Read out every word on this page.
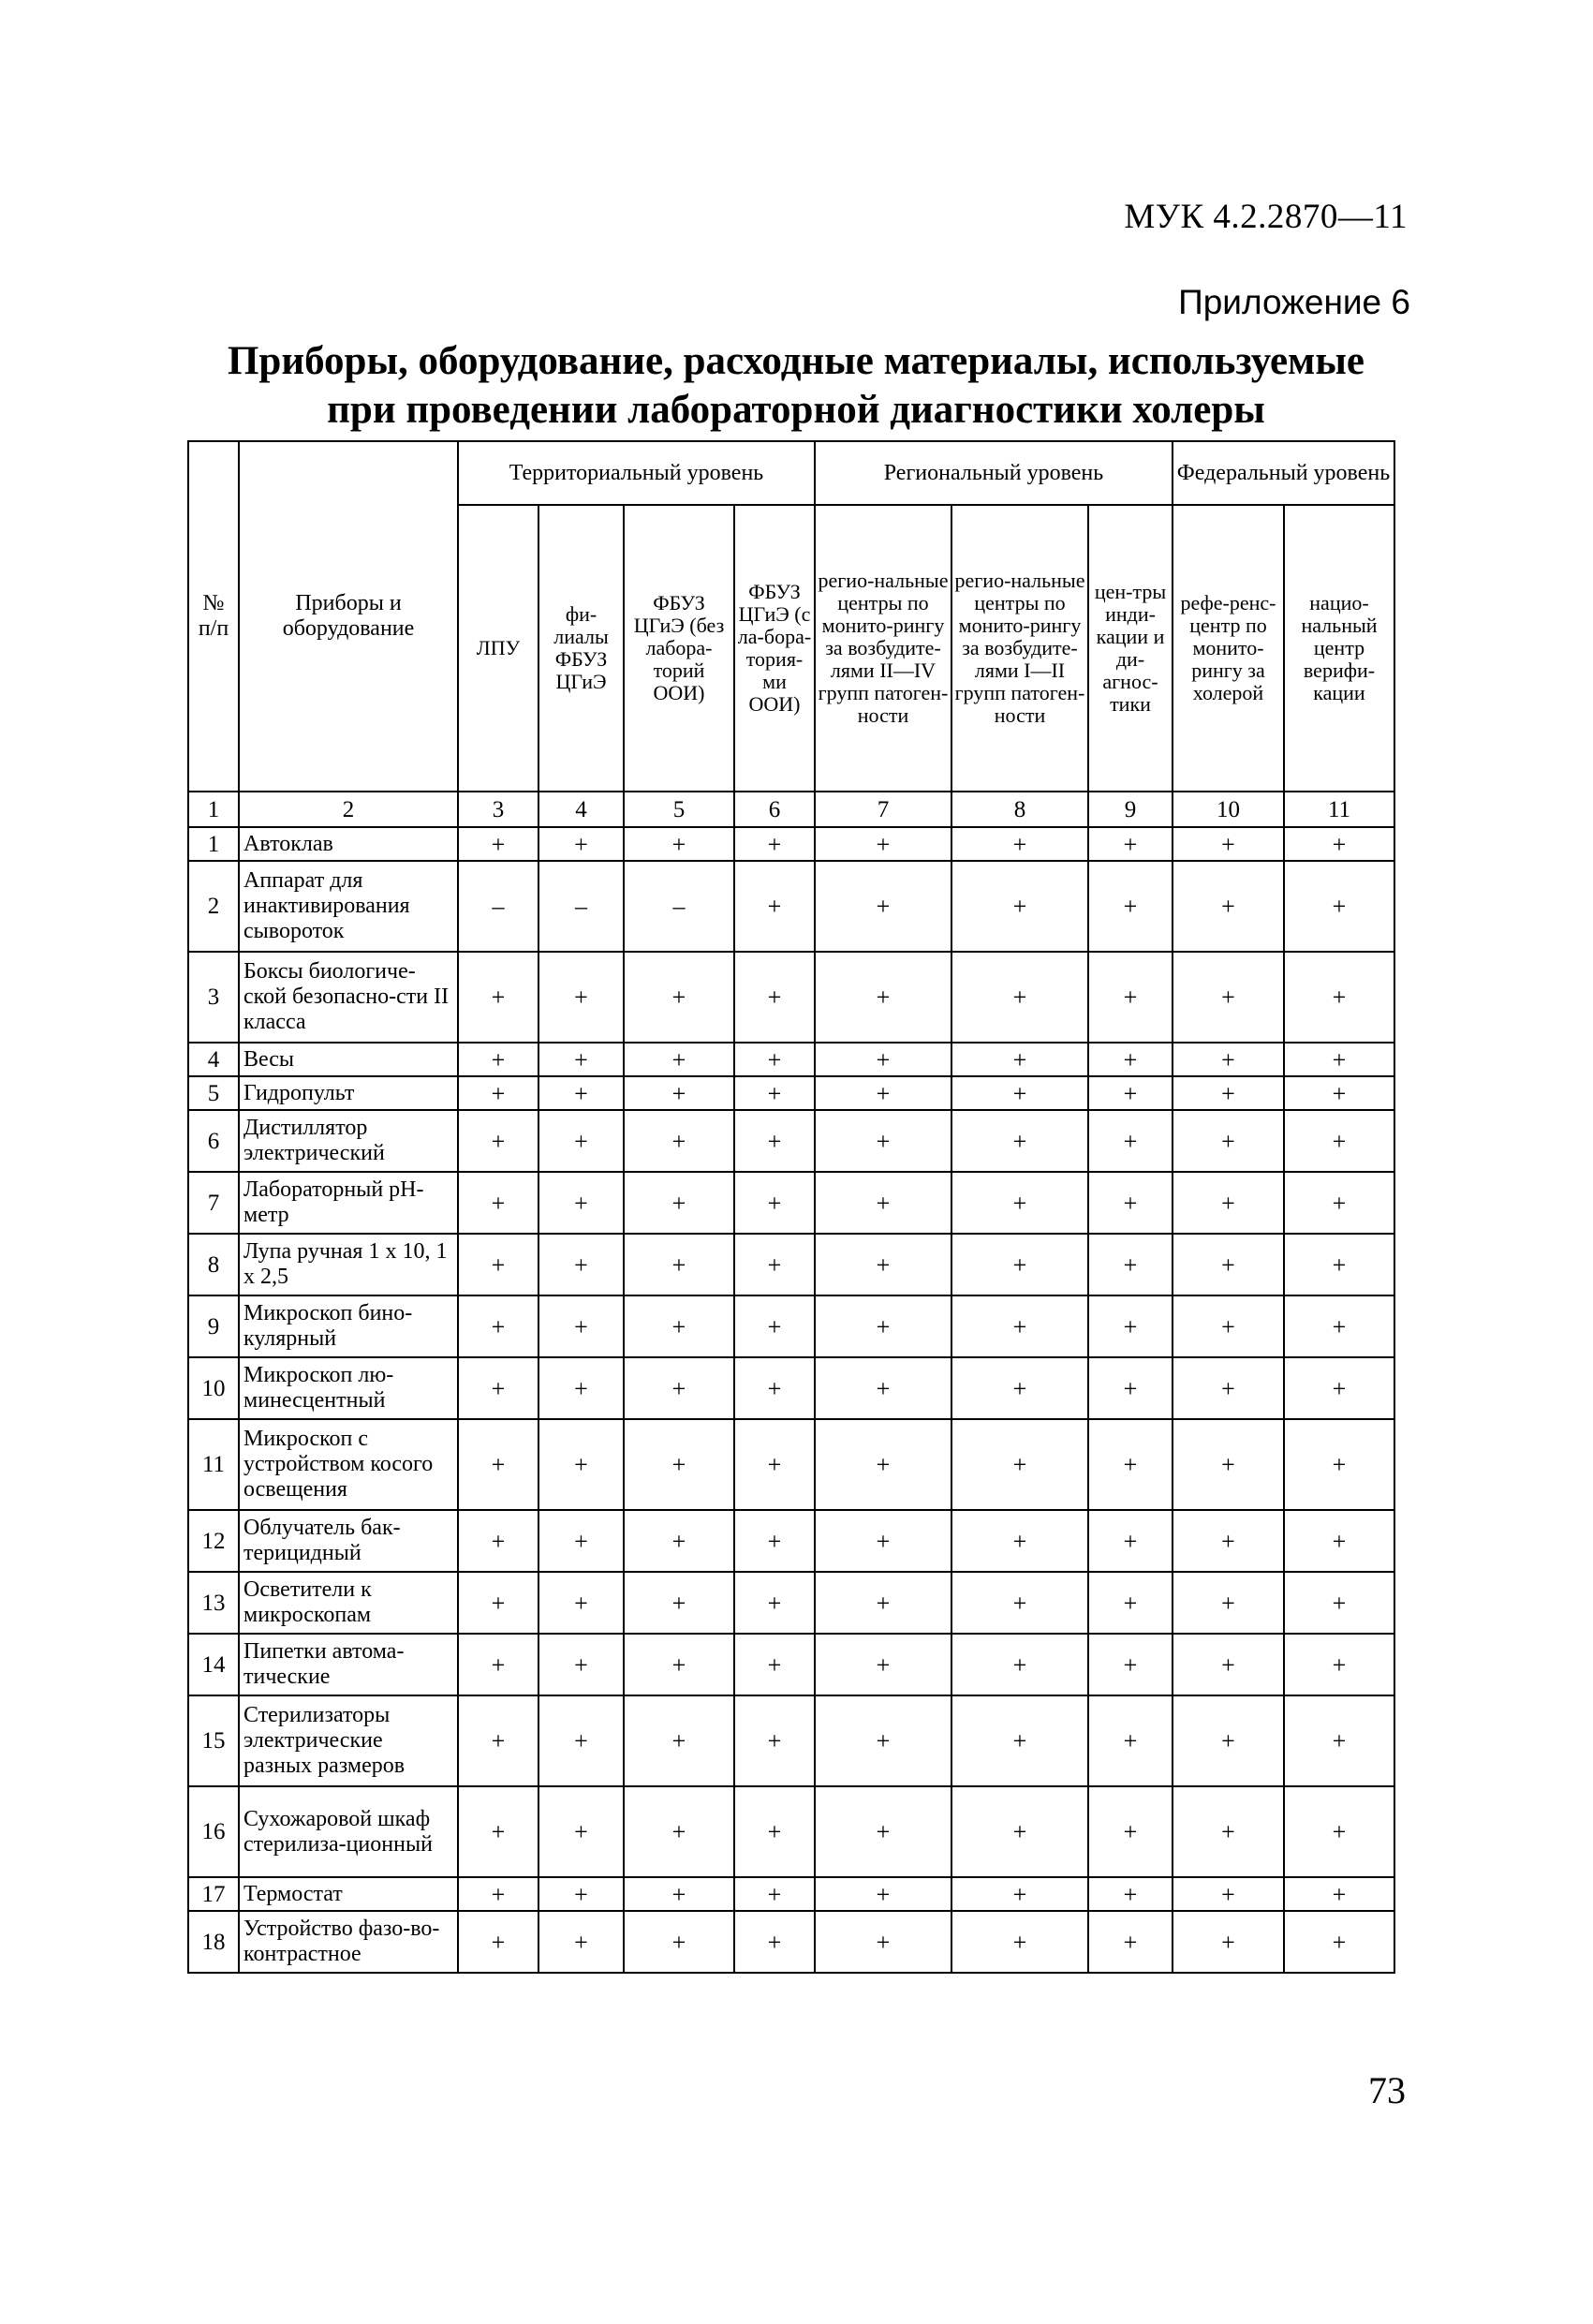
МУК 4.2.2870—11
Приложение 6
Приборы, оборудование, расходные материалы, используемые
при проведении лабораторной диагностики холеры
№ п/п	Приборы и оборудование	Территориальный уровень				Региональный уровень			Федеральный уровень	
		ЛПУ	фи-лиалы ФБУЗ ЦГиЭ	ФБУЗ ЦГиЭ (без лабора-торий ООИ)	ФБУЗ ЦГиЭ (с ла-бора-тория-ми ООИ)	регио-нальные центры по монито-рингу за возбудите-лями II—IV групп патоген-ности	регио-нальные центры по монито-рингу за возбудите-лями I—II групп патоген-ности	цен-тры инди-кации и ди-агнос-тики	рефе-ренс-центр по монито-рингу за холерой	нацио-нальный центр верифи-кации
1	2	3	4	5	6	7	8	9	10	11
1	Автоклав	+	+	+	+	+	+	+	+	+
2	Аппарат для инактивирования сывороток	–	–	–	+	+	+	+	+	+
3	Боксы биологиче-ской безопасно-сти II класса	+	+	+	+	+	+	+	+	+
4	Весы	+	+	+	+	+	+	+	+	+
5	Гидропульт	+	+	+	+	+	+	+	+	+
6	Дистиллятор электрический	+	+	+	+	+	+	+	+	+
7	Лабораторный рН-метр	+	+	+	+	+	+	+	+	+
8	Лупа ручная 1 х 10, 1 х 2,5	+	+	+	+	+	+	+	+	+
9	Микроскоп бино-кулярный	+	+	+	+	+	+	+	+	+
10	Микроскоп лю-минесцентный	+	+	+	+	+	+	+	+	+
11	Микроскоп с устройством косого освещения	+	+	+	+	+	+	+	+	+
12	Облучатель бак-терицидный	+	+	+	+	+	+	+	+	+
13	Осветители к микроскопам	+	+	+	+	+	+	+	+	+
14	Пипетки автома-тические	+	+	+	+	+	+	+	+	+
15	Стерилизаторы электрические разных размеров	+	+	+	+	+	+	+	+	+
16	Сухожаровой шкаф стерилиза-ционный	+	+	+	+	+	+	+	+	+
17	Термостат	+	+	+	+	+	+	+	+	+
18	Устройство фазо-во-контрастное	+	+	+	+	+	+	+	+	+
73
